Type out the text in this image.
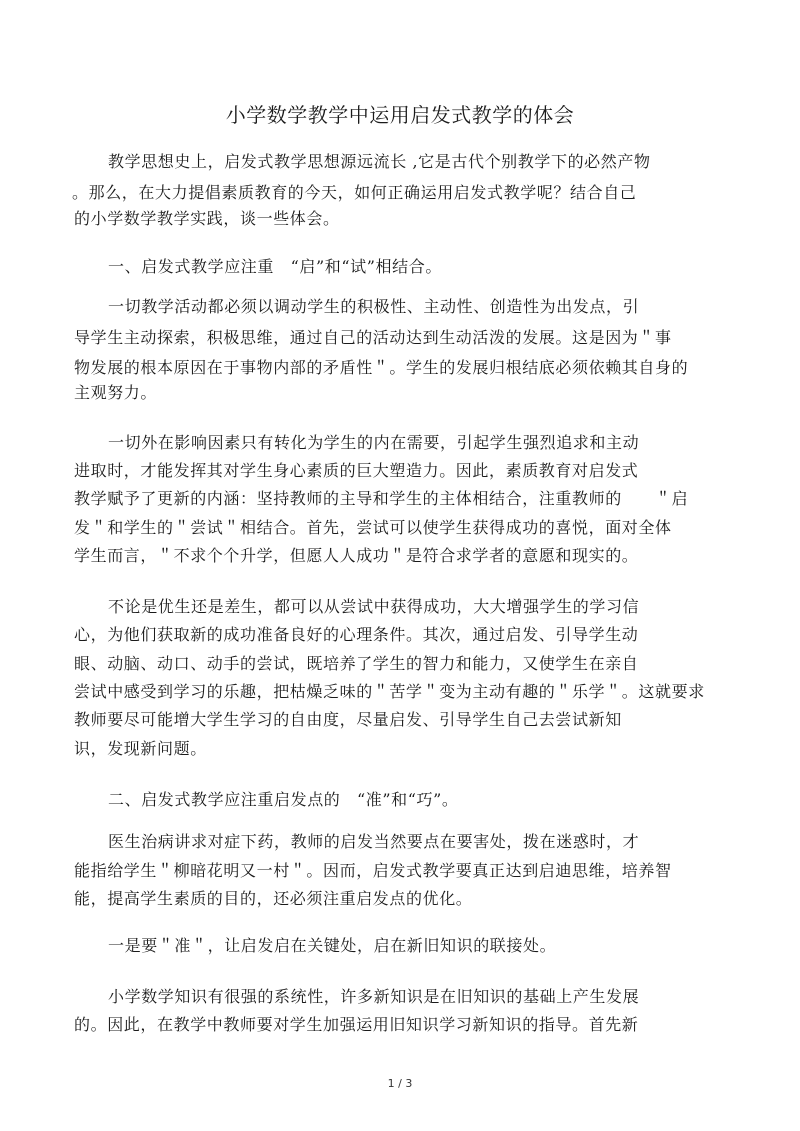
小学数学教学中运用启发式教学的体会
教学思想史上，启发式教学思想源远流长 ,它是古代个别教学下的必然产物
。那么，在大力提倡素质教育的今天，如何正确运用启发式教学呢？结合自己
的小学数学教学实践，谈一些体会。
一、启发式教学应注重　“启”和“试”相结合。
一切教学活动都必须以调动学生的积极性、主动性、创造性为出发点，引
导学生主动探索，积极思维，通过自己的活动达到生动活泼的发展。这是因为＂事
物发展的根本原因在于事物内部的矛盾性＂。学生的发展归根结底必须依赖其自身的
主观努力。
一切外在影响因素只有转化为学生的内在需要，引起学生强烈追求和主动
进取时，才能发挥其对学生身心素质的巨大塑造力。因此，素质教育对启发式
教学赋予了更新的内涵：坚持教师的主导和学生的主体相结合，注重教师的　　＂启
发＂和学生的＂尝试＂相结合。首先，尝试可以使学生获得成功的喜悦，面对全体
学生而言，＂不求个个升学，但愿人人成功＂是符合求学者的意愿和现实的。
不论是优生还是差生，都可以从尝试中获得成功，大大增强学生的学习信
心，为他们获取新的成功准备良好的心理条件。其次，通过启发、引导学生动
眼、动脑、动口、动手的尝试，既培养了学生的智力和能力，又使学生在亲自
尝试中感受到学习的乐趣，把枯燥乏味的＂苦学＂变为主动有趣的＂乐学＂。这就要求
教师要尽可能增大学生学习的自由度，尽量启发、引导学生自己去尝试新知
识，发现新问题。
二、启发式教学应注重启发点的　“准”和“巧”。
医生治病讲求对症下药，教师的启发当然要点在要害处，拨在迷惑时，才
能指给学生＂柳暗花明又一村＂。因而，启发式教学要真正达到启迪思维，培养智
能，提高学生素质的目的，还必须注重启发点的优化。
一是要＂准＂，让启发启在关键处，启在新旧知识的联接处。
小学数学知识有很强的系统性，许多新知识是在旧知识的基础上产生发展
的。因此，在教学中教师要对学生加强运用旧知识学习新知识的指导。首先新
1 / 3
